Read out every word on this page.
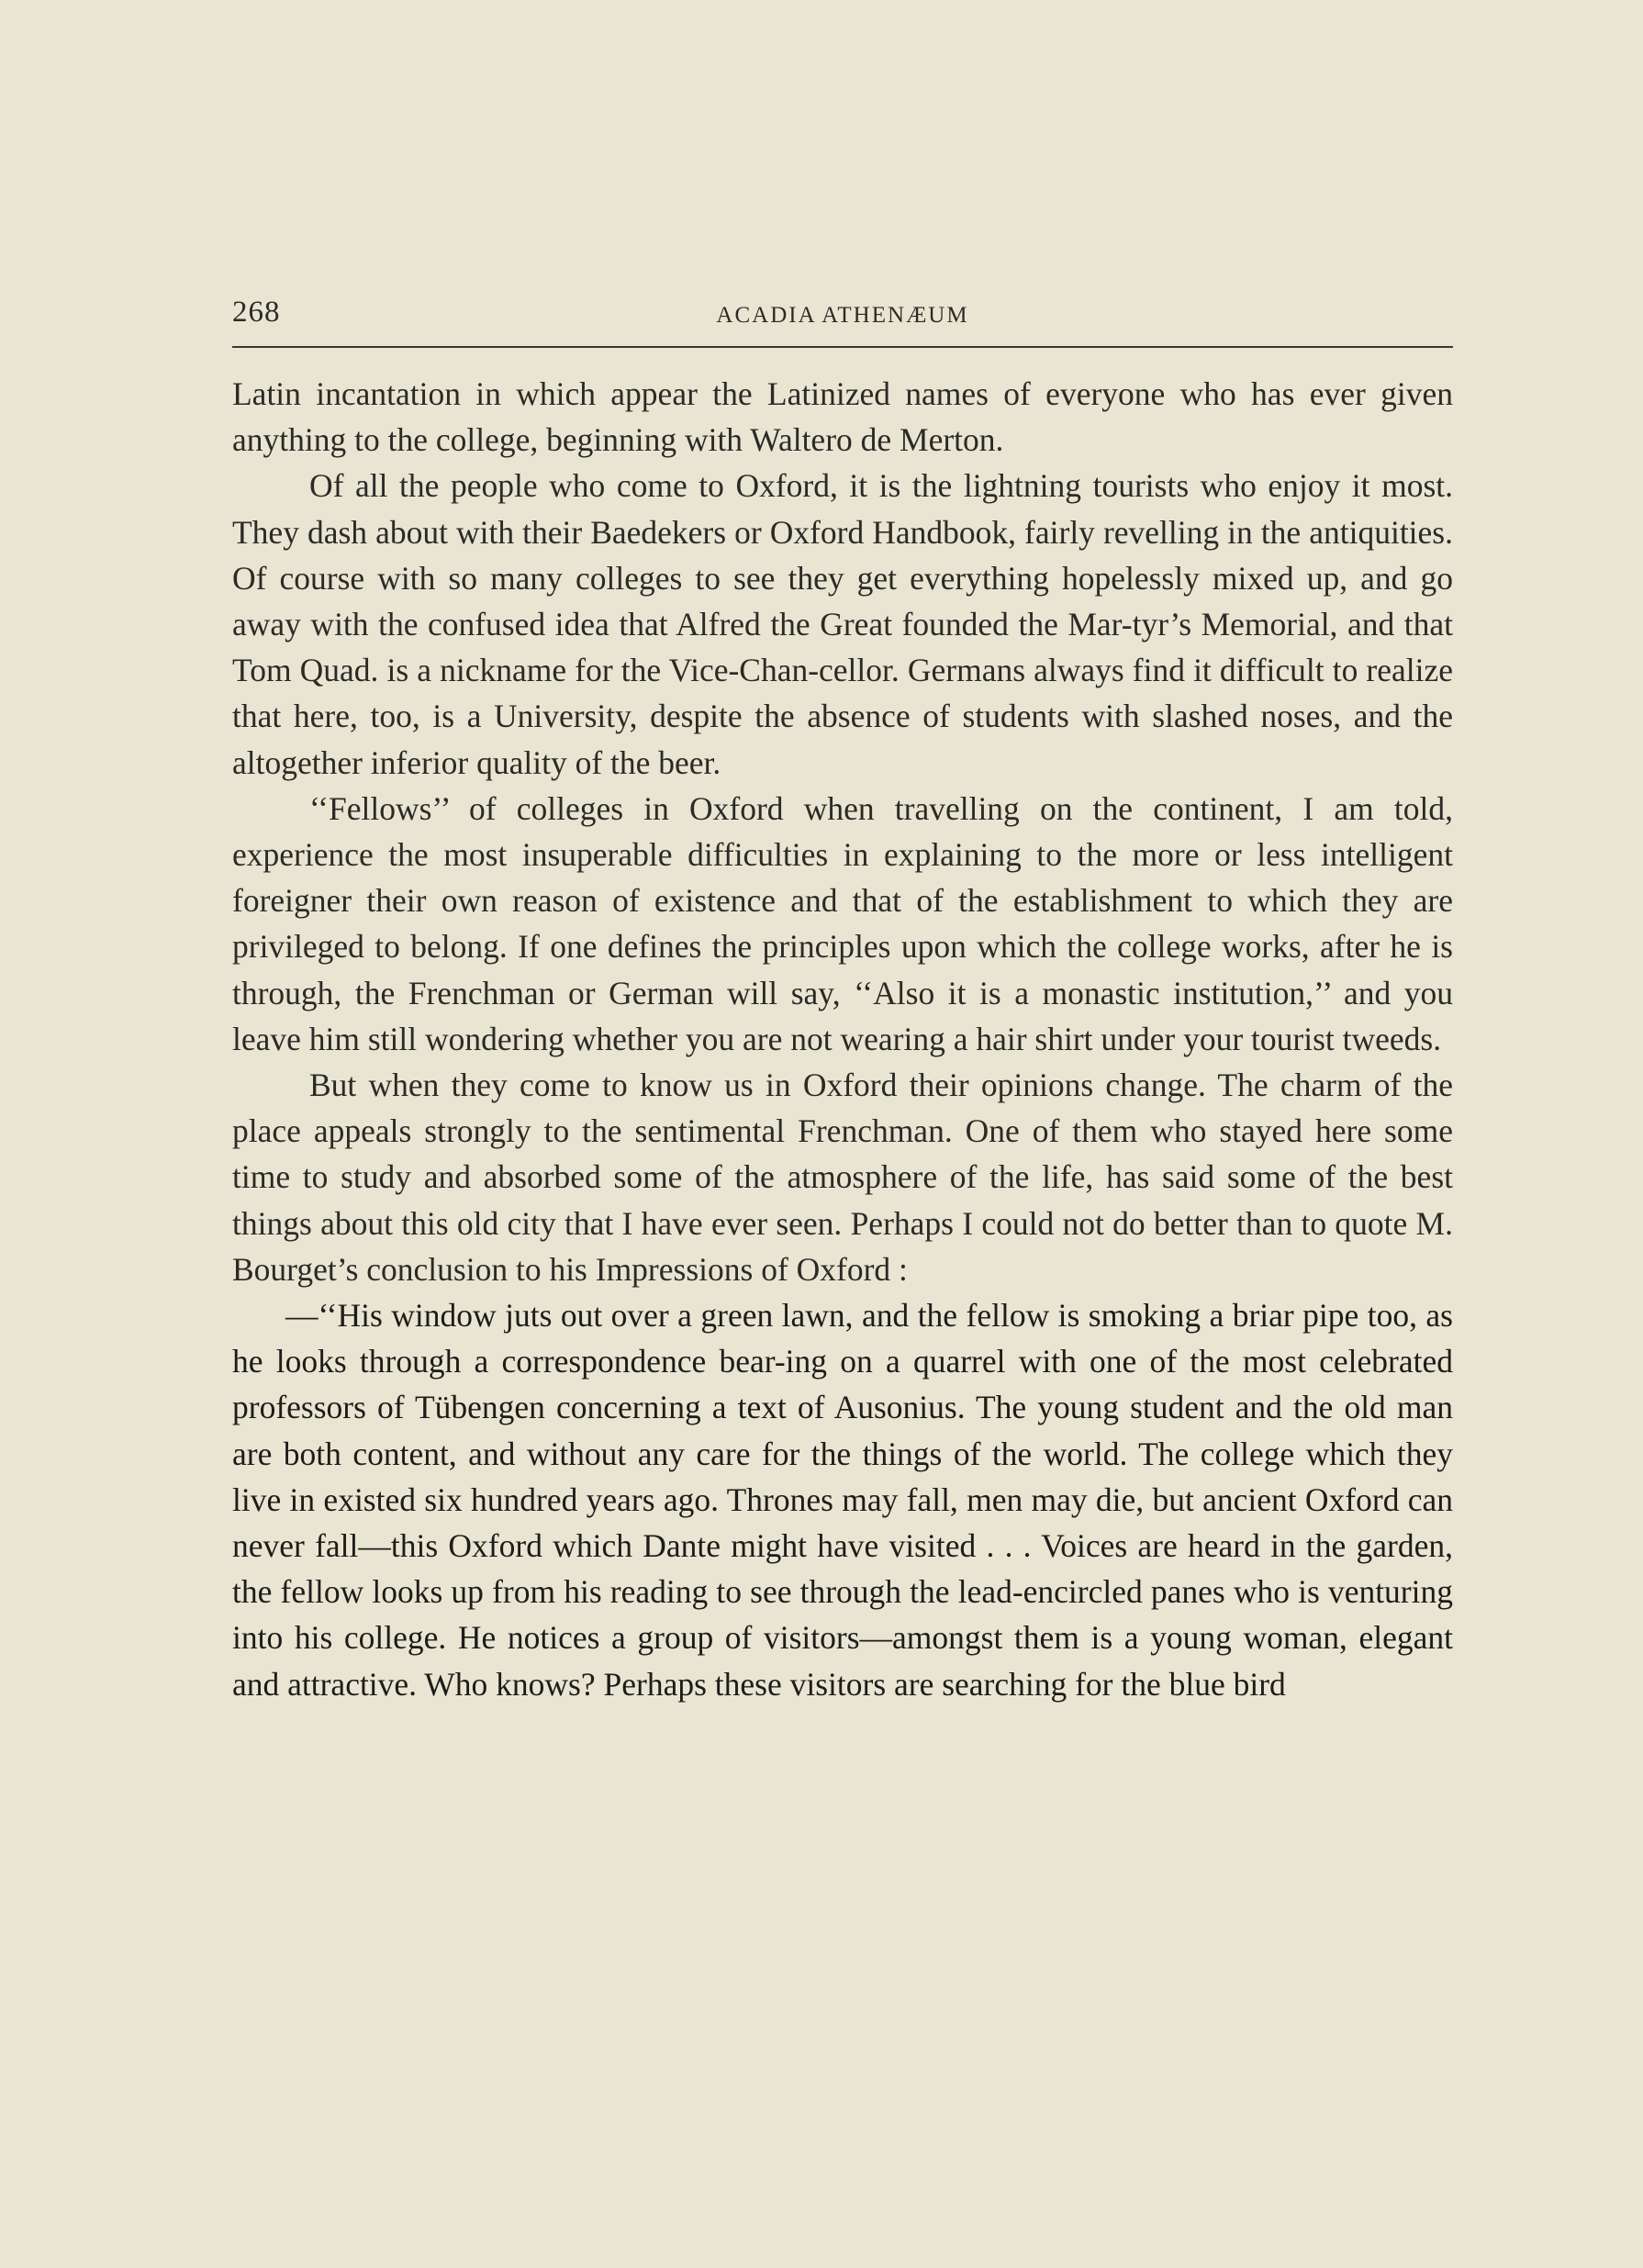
268	ACADIA ATHENÆUM

Latin incantation in which appear the Latinized names of everyone who has ever given anything to the college, beginning with Waltero de Merton.

Of all the people who come to Oxford, it is the lightning tourists who enjoy it most. They dash about with their Baedekers or Oxford Handbook, fairly revelling in the antiquities. Of course with so many colleges to see they get everything hopelessly mixed up, and go away with the confused idea that Alfred the Great founded the Mar-tyr’s Memorial, and that Tom Quad. is a nickname for the Vice-Chan-cellor. Germans always find it difficult to realize that here, too, is a University, despite the absence of students with slashed noses, and the altogether inferior quality of the beer.

‘‘Fellows’’ of colleges in Oxford when travelling on the continent, I am told, experience the most insuperable difficulties in explaining to the more or less intelligent foreigner their own reason of existence and that of the establishment to which they are privileged to belong. If one defines the principles upon which the college works, after he is through, the Frenchman or German will say, ‘‘Also it is a monastic institution,’’ and you leave him still wondering whether you are not wearing a hair shirt under your tourist tweeds.

But when they come to know us in Oxford their opinions change. The charm of the place appeals strongly to the sentimental Frenchman. One of them who stayed here some time to study and absorbed some of the atmosphere of the life, has said some of the best things about this old city that I have ever seen. Perhaps I could not do better than to quote M. Bourget’s conclusion to his Impressions of Oxford :

—‘‘His window juts out over a green lawn, and the fellow is smoking a briar pipe too, as he looks through a correspondence bear-ing on a quarrel with one of the most celebrated professors of Tübengen concerning a text of Ausonius. The young student and the old man are both content, and without any care for the things of the world. The college which they live in existed six hundred years ago. Thrones may fall, men may die, but ancient Oxford can never fall—this Oxford which Dante might have visited . . . Voices are heard in the garden, the fellow looks up from his reading to see through the lead-encircled panes who is venturing into his college. He notices a group of visitors—amongst them is a young woman, elegant and attractive. Who knows? Perhaps these visitors are searching for the blue bird
